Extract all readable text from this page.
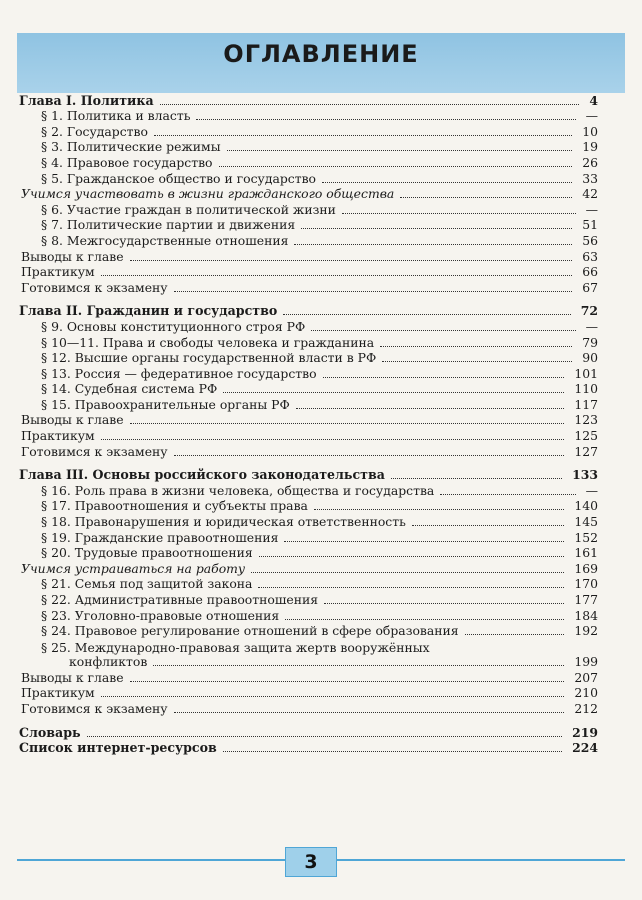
ОГЛАВЛЕНИЕ
Глава I. Политика	4
§ 1. Политика и власть	—
§ 2. Государство	10
§ 3. Политические режимы	19
§ 4. Правовое государство	26
§ 5. Гражданское общество и государство	33
Учимся участвовать в жизни гражданского общества	42
§ 6. Участие граждан в политической жизни	—
§ 7. Политические партии и движения	51
§ 8. Межгосударственные отношения	56
Выводы к главе	63
Практикум	66
Готовимся к экзамену	67
Глава II. Гражданин и государство	72
§ 9. Основы конституционного строя РФ	—
§ 10—11. Права и свободы человека и гражданина	79
§ 12. Высшие органы государственной власти в РФ	90
§ 13. Россия — федеративное государство	101
§ 14. Судебная система РФ	110
§ 15. Правоохранительные органы РФ	117
Выводы к главе	123
Практикум	125
Готовимся к экзамену	127
Глава III. Основы российского законодательства	133
§ 16. Роль права в жизни человека, общества и государства	—
§ 17. Правоотношения и субъекты права	140
§ 18. Правонарушения и юридическая ответственность	145
§ 19. Гражданские правоотношения	152
§ 20. Трудовые правоотношения	161
Учимся устраиваться на работу	169
§ 21. Семья под защитой закона	170
§ 22. Административные правоотношения	177
§ 23. Уголовно-правовые отношения	184
§ 24. Правовое регулирование отношений в сфере образования	192
§ 25. Международно-правовая защита жертв вооружённых
конфликтов	199
Выводы к главе	207
Практикум	210
Готовимся к экзамену	212
Словарь	219
Список интернет-ресурсов	224
3
